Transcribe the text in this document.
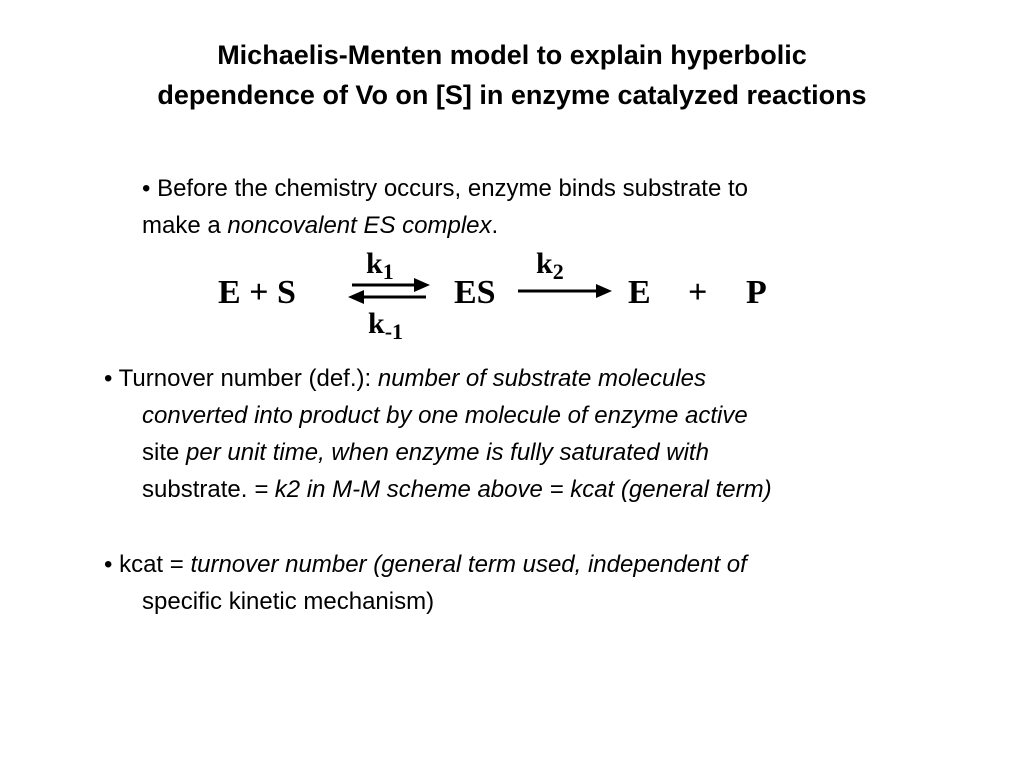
Michaelis-Menten model to explain hyperbolic
dependence of Vo on [S] in enzyme catalyzed reactions
• Before the chemistry occurs, enzyme binds substrate to
make a noncovalent ES complex.
E + S
$k_1$
$k_{-1}$
ES
$k_2$
E + P
• Turnover number (def.): number of substrate molecules
converted into product by one molecule of enzyme active
site per unit time, when enzyme is fully saturated with
substrate. = k2 in M-M scheme above = kcat (general term)
• kcat = turnover number (general term used, independent of
specific kinetic mechanism)
